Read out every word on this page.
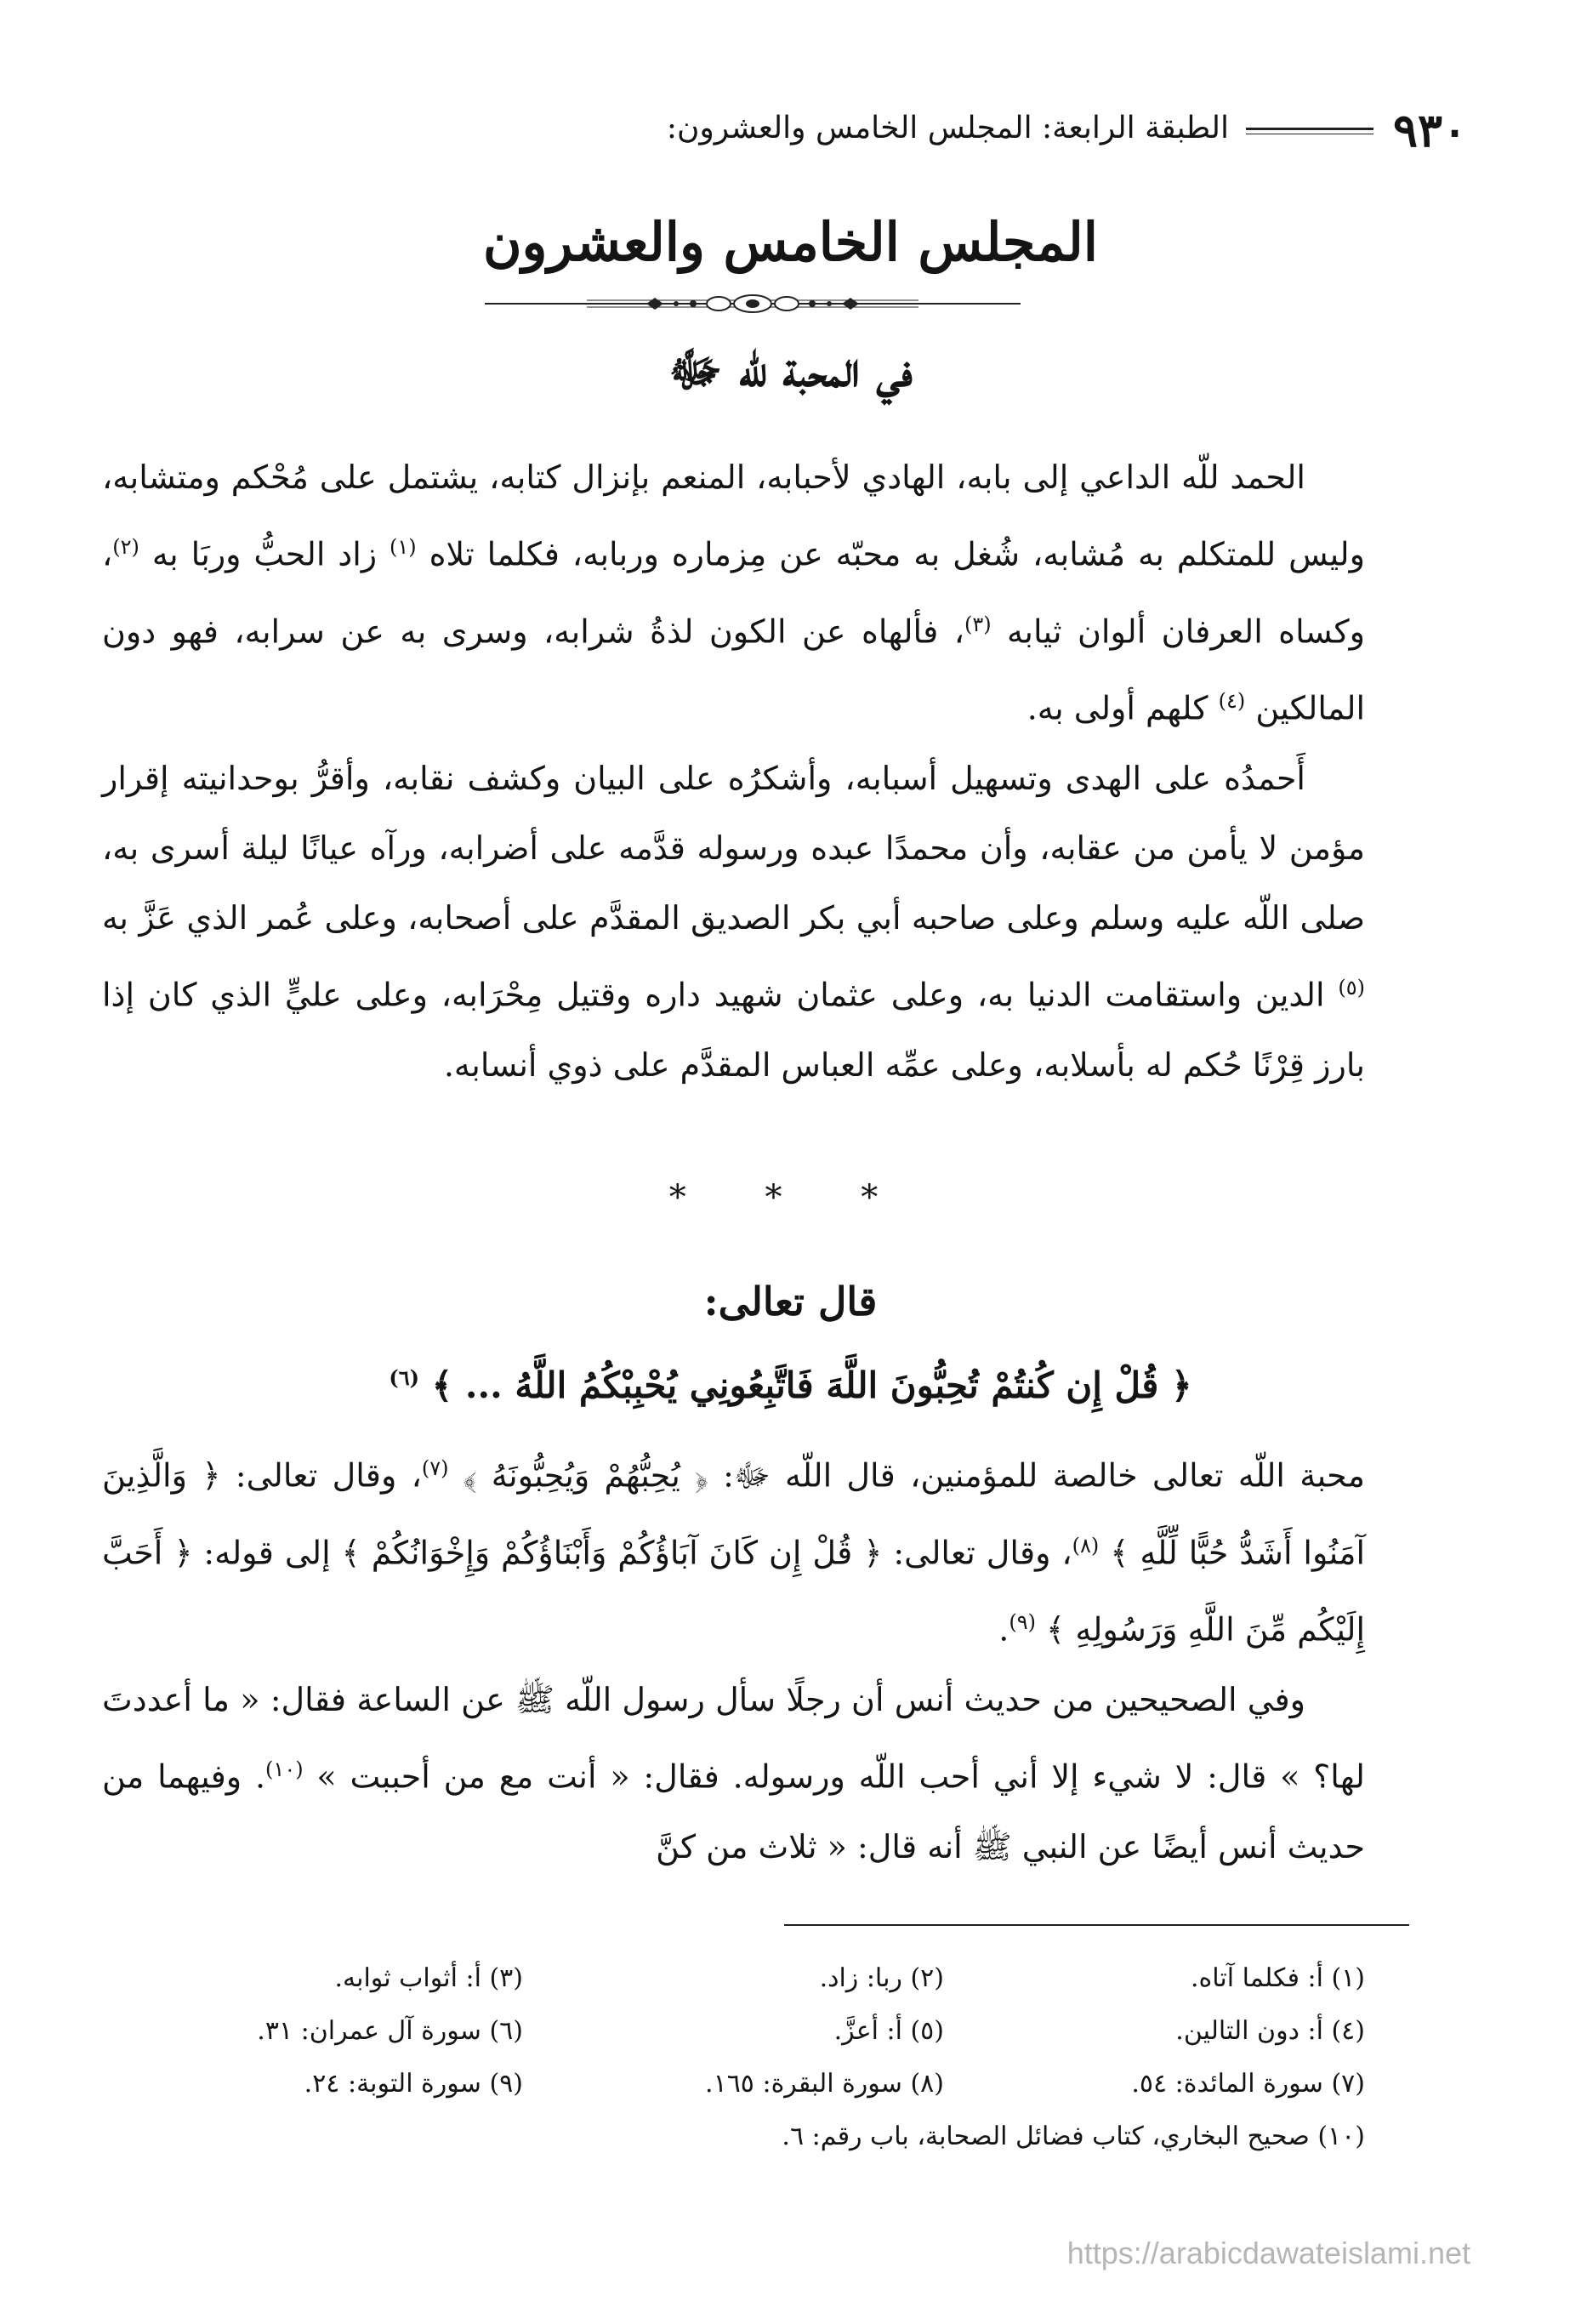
٩٣٠
الطبقة الرابعة: المجلس الخامس والعشرون:
المجلس الخامس والعشرون
في المحبة للّه ﷻ

الحمد للّه الداعي إلى بابه، الهادي لأحبابه، المنعم بإنزال كتابه، يشتمل على مُحْكم ومتشابه، وليس للمتكلم به مُشابه، شُغل به محبّه عن مِزماره وربابه، فكلما تلاه $^{(١)}$ زاد الحبُّ وربَا به $^{(٢)}$، وكساه العرفان ألوان ثيابه $^{(٣)}$، فألهاه عن الكون لذةُ شرابه، وسرى به عن سرابه، فهو دون المالكين $^{(٤)}$ كلهم أولى به.

أَحمدُه على الهدى وتسهيل أسبابه، وأشكرُه على البيان وكشف نقابه، وأقرُّ بوحدانيته إقرار مؤمن لا يأمن من عقابه، وأن محمدًا عبده ورسوله قدَّمه على أضرابه، ورآه عيانًا ليلة أسرى به، صلى اللّه عليه وسلم وعلى صاحبه أبي بكر الصديق المقدَّم على أصحابه، وعلى عُمر الذي عَزَّ به $^{(٥)}$ الدين واستقامت الدنيا به، وعلى عثمان شهيد داره وقتيل مِحْرَابه، وعلى عليٍّ الذي كان إذا بارز قِرْنًا حُكم له بأسلابه، وعلى عمِّه العباس المقدَّم على ذوي أنسابه.

* * *
قال تعالى:
﴿ قُلْ إِن كُنتُمْ تُحِبُّونَ اللَّهَ فَاتَّبِعُونِي يُحْبِبْكُمُ اللَّهُ ... ﴾ $^{(٦)}$

محبة اللّه تعالى خالصة للمؤمنين، قال اللّه ﷻ: ﴿ يُحِبُّهُمْ وَيُحِبُّونَهُ ﴾ $^{(٧)}$، وقال تعالى: ﴿ وَالَّذِينَ آمَنُوا أَشَدُّ حُبًّا لِّلَّهِ ﴾ $^{(٨)}$، وقال تعالى: ﴿ قُلْ إِن كَانَ آبَاؤُكُمْ وَأَبْنَاؤُكُمْ وَإِخْوَانُكُمْ ﴾ إلى قوله: ﴿ أَحَبَّ إِلَيْكُم مِّنَ اللَّهِ وَرَسُولِهِ ﴾ $^{(٩)}$.

وفي الصحيحين من حديث أنس أن رجلًا سأل رسول اللّه ﷺ عن الساعة فقال: « ما أعددتَ لها؟ » قال: لا شيء إلا أني أحب اللّه ورسوله. فقال: « أنت مع من أحببت » $^{(١٠)}$. وفيهما من حديث أنس أيضًا عن النبي ﷺ أنه قال: « ثلاث من كنَّ

(١) أ: فكلما آتاه.
(٢) ربا: زاد.
(٣) أ: أثواب ثوابه.
(٤) أ: دون التالين.
(٥) أ: أعزَّ.
(٦) سورة آل عمران: ٣١.
(٧) سورة المائدة: ٥٤.
(٨) سورة البقرة: ١٦٥.
(٩) سورة التوبة: ٢٤.
(١٠) صحيح البخاري، كتاب فضائل الصحابة، باب رقم: ٦.
https://arabicdawateislami.net
